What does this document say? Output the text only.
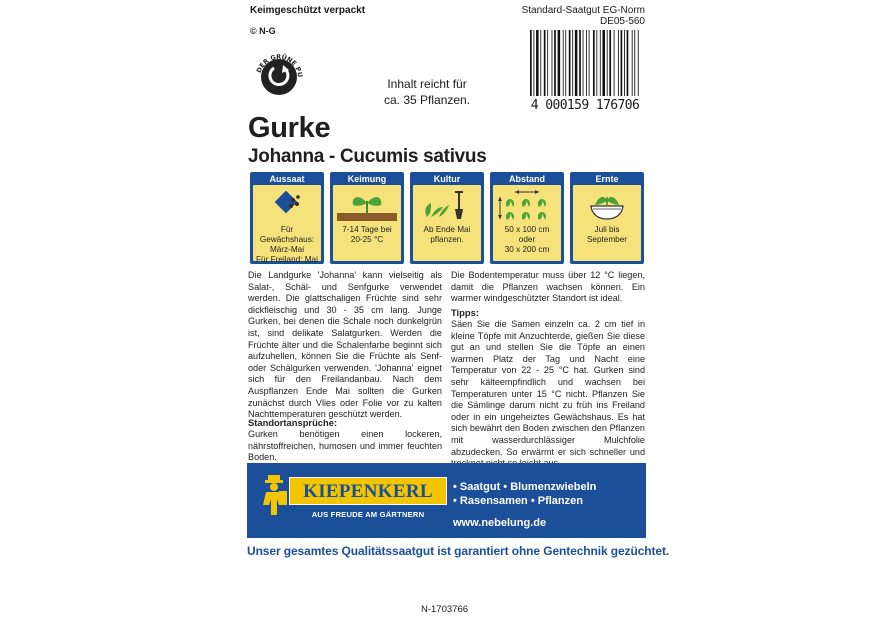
Keimgeschützt verpackt
© N-G
Standard-Saatgut EG-Norm
DE05-560
DER GRÜNE PU
Inhalt reicht für
ca. 35 Pflanzen.	4 000159 176706
Gurke
Johanna - Cucumis sativus
Aussaat
Für Gewächshaus:
März-Mai
Für Freiland: Mai
Keimung
7-14 Tage bei
20-25 °C
Kultur
Ab Ende Mai
pflanzen.
Abstand
50 x 100 cm
oder
30 x 200 cm
Ernte
Juli bis
September
Die Landgurke 'Johanna' kann vielseitig als Salat-, Schäl- und Senfgurke verwendet werden. Die glattschaligen Früchte sind sehr dickfleischig und 30 - 35 cm lang. Junge Gurken, bei denen die Schale noch dunkelgrün ist, sind delikate Salatgurken. Werden die Früchte älter und die Schalenfarbe beginnt sich aufzuhellen, können Sie die Früchte als Senf- oder Schälgurken verwenden. 'Johanna' eignet sich für den Freilandanbau. Nach dem Auspflanzen Ende Mai sollten die Gurken zunächst durch Vlies oder Folie vor zu kalten Nachttemperaturen geschützt werden.
Standortansprüche:
Gurken benötigen einen lockeren, nährstoffreichen, humosen und immer feuchten Boden.
Die Bodentemperatur muss über 12 °C liegen, damit die Pflanzen wachsen können. Ein warmer windgeschützter Standort ist ideal.
Tipps:
Säen Sie die Samen einzeln ca. 2 cm tief in kleine Töpfe mit Anzuchterde, gießen Sie diese gut an und stellen Sie die Töpfe an einen warmen Platz der Tag und Nacht eine Temperatur von 22 - 25 °C hat. Gurken sind sehr kälteempfindlich und wachsen bei Temperaturen unter 15 °C nicht. Pflanzen Sie die Sämlinge darum nicht zu früh ins Freiland oder in ein ungeheiztes Gewächshaus. Es hat sich bewährt den Boden zwischen den Pflanzen mit wasserdurchlässiger Mulchfolie abzudecken. So erwärmt er sich schneller und
KIEPENKERL
AUS FREUDE AM GÄRTNERN
• Saatgut • Blumenzwiebeln
• Rasensamen • Pflanzen
www.nebelung.de
Unser gesamtes Qualitätssaatgut ist garantiert ohne Gentechnik gezüchtet.
N-1703766
